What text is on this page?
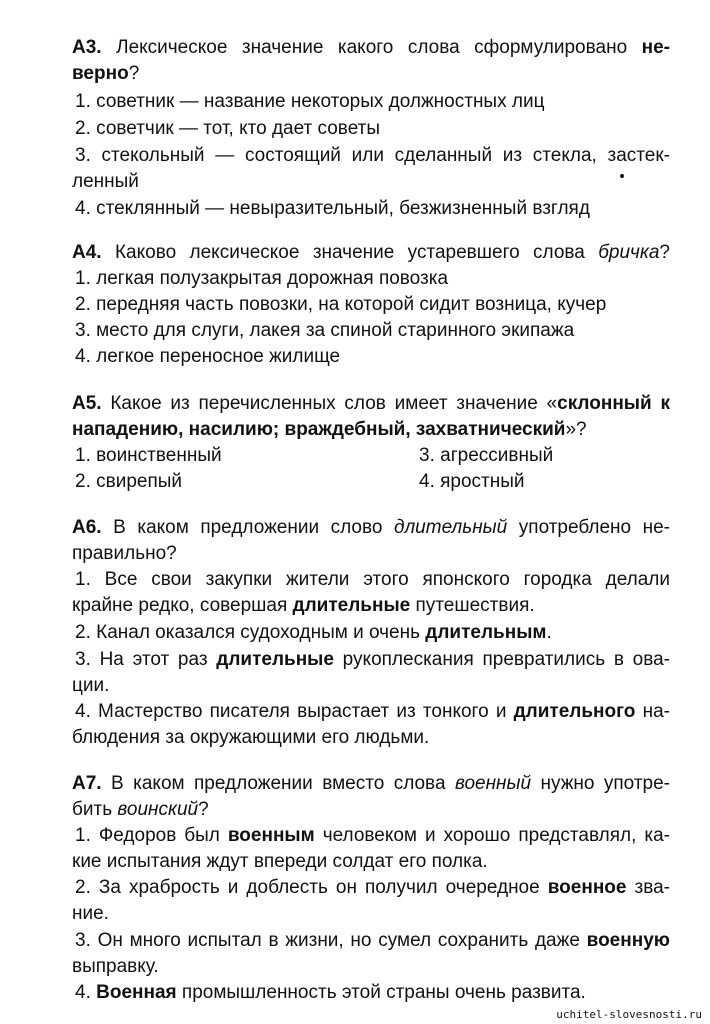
А3. Лексическое значение какого слова сформулировано не-
верно?
1. советник — название некоторых должностных лиц
2. советчик — тот, кто дает советы
3. стекольный — состоящий или сделанный из стекла, застек-
ленный
4. стеклянный — невыразительный, безжизненный взгляд
А4. Каково лексическое значение устаревшего слова бричка?
1. легкая полузакрытая дорожная повозка
2. передняя часть повозки, на которой сидит возница, кучер
3. место для слуги, лакея за спиной старинного экипажа
4. легкое переносное жилище
А5. Какое из перечисленных слов имеет значение «склонный к
нападению, насилию; враждебный, захватнический»?
1. воинственный	3. агрессивный
2. свирепый	4. яростный
А6. В каком предложении слово длительный употреблено не-
правильно?
1. Все свои закупки жители этого японского городка делали
крайне редко, совершая длительные путешествия.
2. Канал оказался судоходным и очень длительным.
3. На этот раз длительные рукоплескания превратились в ова-
ции.
4. Мастерство писателя вырастает из тонкого и длительного на-
блюдения за окружающими его людьми.
А7. В каком предложении вместо слова военный нужно употре-
бить воинский?
1. Федоров был военным человеком и хорошо представлял, ка-
кие испытания ждут впереди солдат его полка.
2. За храбрость и доблесть он получил очередное военное зва-
ние.
3. Он много испытал в жизни, но сумел сохранить даже военную
выправку.
4. Военная промышленность этой страны очень развита.
uchitel-slovesnosti.ru
